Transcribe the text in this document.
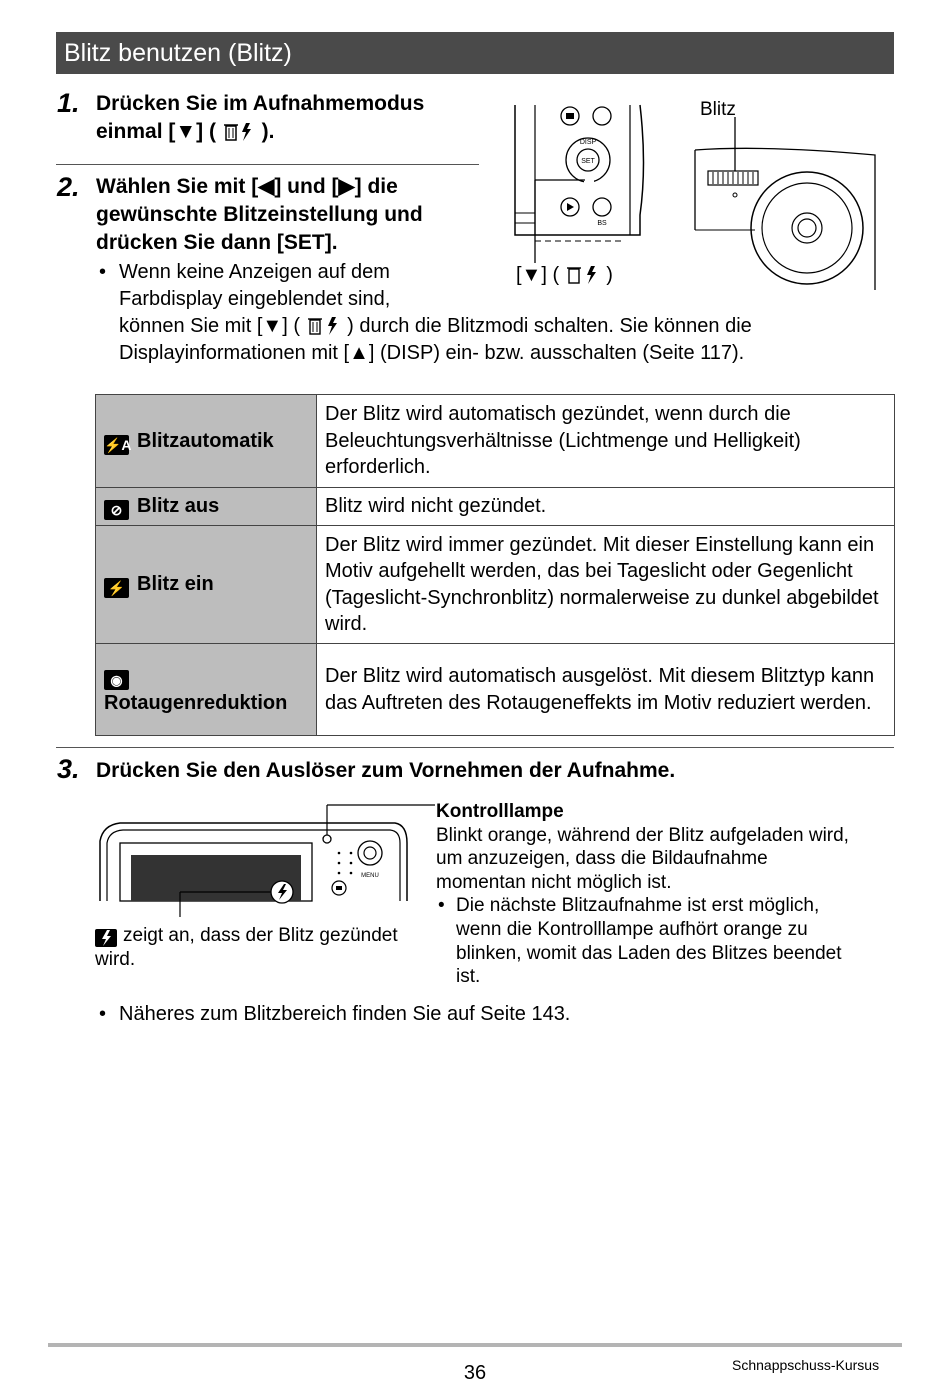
Blitz benutzen (Blitz)
1. Drücken Sie im Aufnahmemodus
einmal [▼] ( ).
2. Wählen Sie mit [◀] und [▶] die
gewünschte Blitzeinstellung und
drücken Sie dann [SET].
• Wenn keine Anzeigen auf dem
Farbdisplay eingeblendet sind,
können Sie mit [▼] ( ) durch die Blitzmodi schalten. Sie können die
Displayinformationen mit [▲] (DISP) ein- bzw. ausschalten (Seite 117).
DISP
SET
BS
Blitz
[▼] ( )
⚡A Blitzautomatik	Der Blitz wird automatisch gezündet, wenn durch die Beleuchtungsverhältnisse (Lichtmenge und Helligkeit) erforderlich.
⊘ Blitz aus	Blitz wird nicht gezündet.
⚡ Blitz ein	Der Blitz wird immer gezündet. Mit dieser Einstellung kann ein Motiv aufgehellt werden, das bei Tageslicht oder Gegenlicht (Tageslicht-Synchronblitz) normalerweise zu dunkel abgebildet wird.

◉
Rotaugenreduktion	Der Blitz wird automatisch ausgelöst. Mit diesem Blitztyp kann das Auftreten des Rotaugeneffekts im Motiv reduziert werden.
3. Drücken Sie den Auslöser zum Vornehmen der Aufnahme.
MENU
Kontrolllampe
Blinkt orange, während der Blitz aufgeladen wird,
um anzuzeigen, dass die Bildaufnahme
momentan nicht möglich ist.
• Die nächste Blitzaufnahme ist erst möglich,
wenn die Kontrolllampe aufhört orange zu
blinken, womit das Laden des Blitzes beendet
ist.
zeigt an, dass der Blitz gezündet
wird.
• Näheres zum Blitzbereich finden Sie auf Seite 143.
36	Schnappschuss-Kursus
